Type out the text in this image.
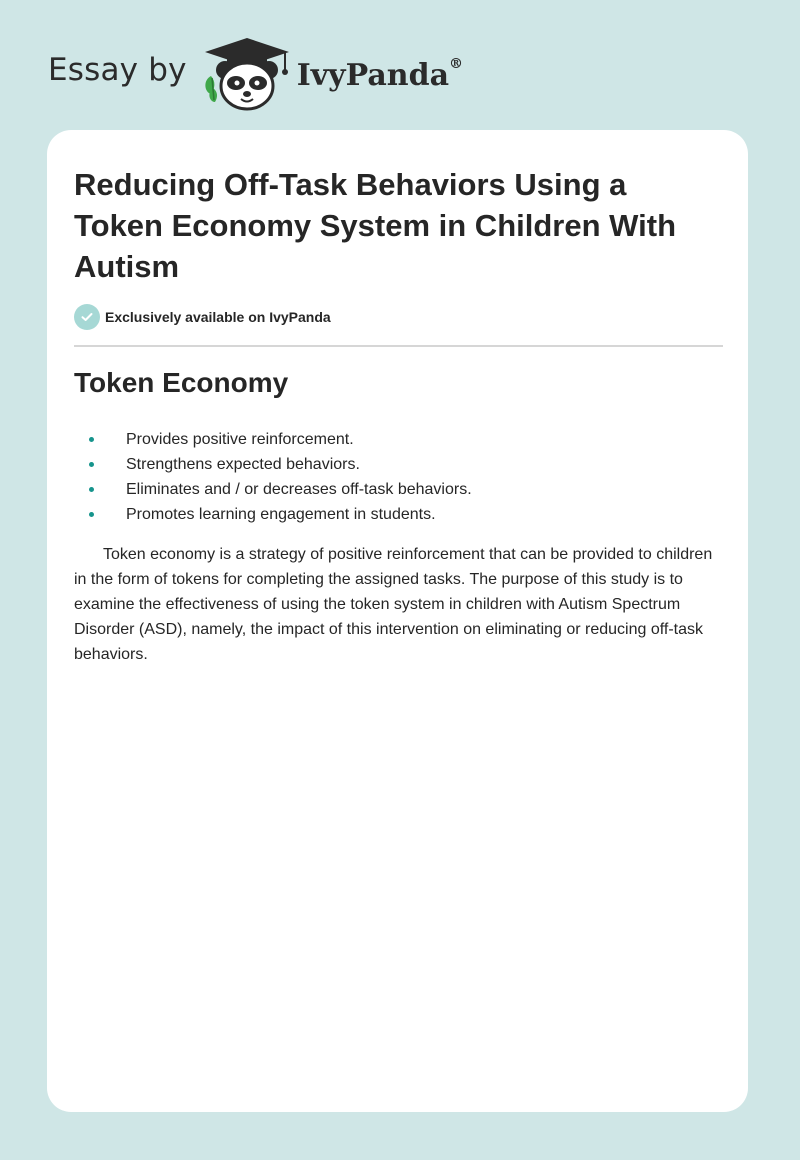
Essay by	IvyPanda®
Reducing Off-Task Behaviors Using a Token Economy System in Children With Autism
Exclusively available on IvyPanda
Token Economy
Provides positive reinforcement.
Strengthens expected behaviors.
Eliminates and / or decreases off-task behaviors.
Promotes learning engagement in students.

Token economy is a strategy of positive reinforcement that can be provided to children in the form of tokens for completing the assigned tasks. The purpose of this study is to examine the effectiveness of using the token system in children with Autism Spectrum Disorder (ASD), namely, the impact of this intervention on eliminating or reducing off-task behaviors.
